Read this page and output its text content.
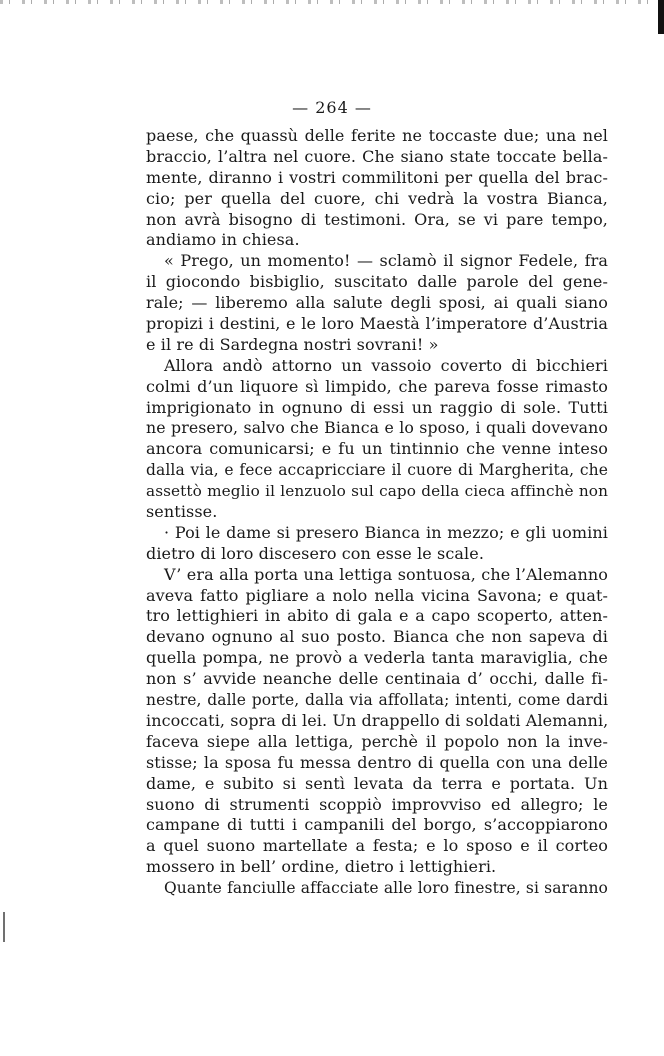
— 264 —
paese, che quassù delle ferite ne toccaste due; una nel
braccio, l’altra nel cuore. Che siano state toccate bella-
mente, diranno i vostri commilitoni per quella del brac-
cio; per quella del cuore, chi vedrà la vostra Bianca,
non avrà bisogno di testimoni. Ora, se vi pare tempo,
andiamo in chiesa.
« Prego, un momento! — sclamò il signor Fedele, fra
il giocondo bisbiglio, suscitato dalle parole del gene-
rale; — liberemo alla salute degli sposi, ai quali siano
propizi i destini, e le loro Maestà l’imperatore d’Austria
e il re di Sardegna nostri sovrani! »
Allora andò attorno un vassoio coverto di bicchieri
colmi d’un liquore sì limpido, che pareva fosse rimasto
imprigionato in ognuno di essi un raggio di sole. Tutti
ne presero, salvo che Bianca e lo sposo, i quali dovevano
ancora comunicarsi; e fu un tintinnio che venne inteso
dalla via, e fece accapricciare il cuore di Margherita, che
assettò meglio il lenzuolo sul capo della cieca affinchè non
sentisse.
· Poi le dame si presero Bianca in mezzo; e gli uomini
dietro di loro discesero con esse le scale.
V’ era alla porta una lettiga sontuosa, che l’Alemanno
aveva fatto pigliare a nolo nella vicina Savona; e quat-
tro lettighieri in abito di gala e a capo scoperto, atten-
devano ognuno al suo posto. Bianca che non sapeva di
quella pompa, ne provò a vederla tanta maraviglia, che
non s’ avvide neanche delle centinaia d’ occhi, dalle fi-
nestre, dalle porte, dalla via affollata; intenti, come dardi
incoccati, sopra di lei. Un drappello di soldati Alemanni,
faceva siepe alla lettiga, perchè il popolo non la inve-
stisse; la sposa fu messa dentro di quella con una delle
dame, e subito si sentì levata da terra e portata. Un
suono di strumenti scoppiò improvviso ed allegro; le
campane di tutti i campanili del borgo, s’accoppiarono
a quel suono martellate a festa; e lo sposo e il corteo
mossero in bell’ ordine, dietro i lettighieri.
Quante fanciulle affacciate alle loro finestre, si saranno
